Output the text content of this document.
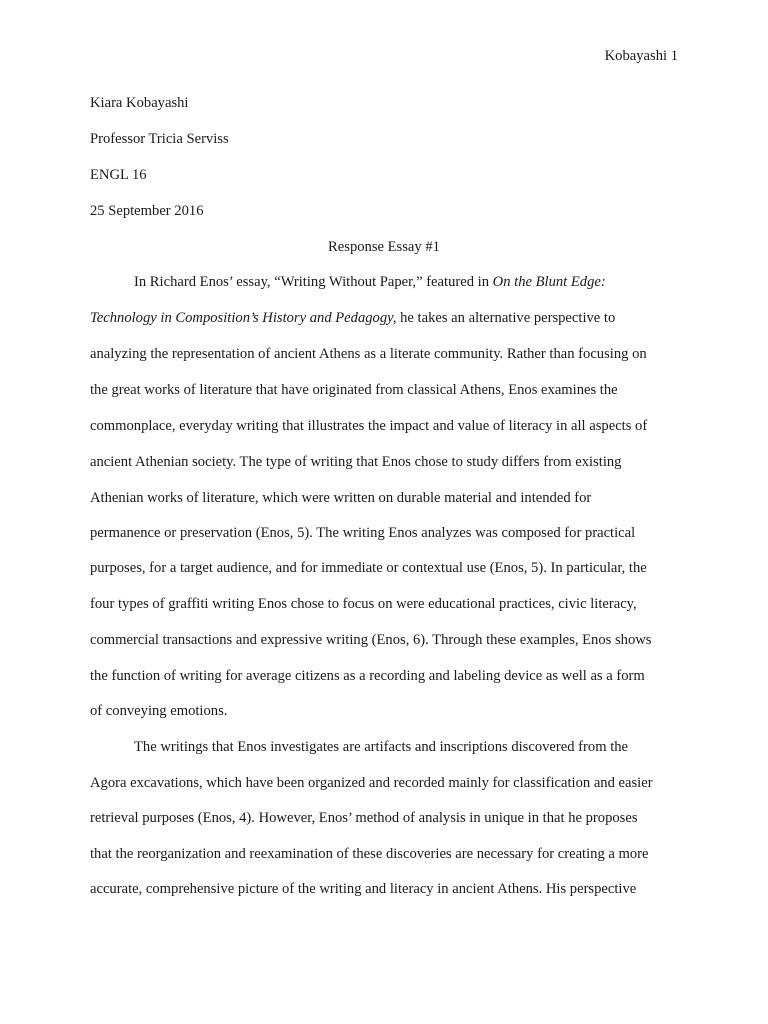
Kobayashi 1
Kiara Kobayashi
Professor Tricia Serviss
ENGL 16
25 September 2016
Response Essay #1
In Richard Enos’ essay, “Writing Without Paper,” featured in On the Blunt Edge:
Technology in Composition’s History and Pedagogy, he takes an alternative perspective to
analyzing the representation of ancient Athens as a literate community. Rather than focusing on
the great works of literature that have originated from classical Athens, Enos examines the
commonplace, everyday writing that illustrates the impact and value of literacy in all aspects of
ancient Athenian society. The type of writing that Enos chose to study differs from existing
Athenian works of literature, which were written on durable material and intended for
permanence or preservation (Enos, 5). The writing Enos analyzes was composed for practical
purposes, for a target audience, and for immediate or contextual use (Enos, 5). In particular, the
four types of graffiti writing Enos chose to focus on were educational practices, civic literacy,
commercial transactions and expressive writing (Enos, 6). Through these examples, Enos shows
the function of writing for average citizens as a recording and labeling device as well as a form
of conveying emotions.
The writings that Enos investigates are artifacts and inscriptions discovered from the
Agora excavations, which have been organized and recorded mainly for classification and easier
retrieval purposes (Enos, 4). However, Enos’ method of analysis in unique in that he proposes
that the reorganization and reexamination of these discoveries are necessary for creating a more
accurate, comprehensive picture of the writing and literacy in ancient Athens. His perspective
